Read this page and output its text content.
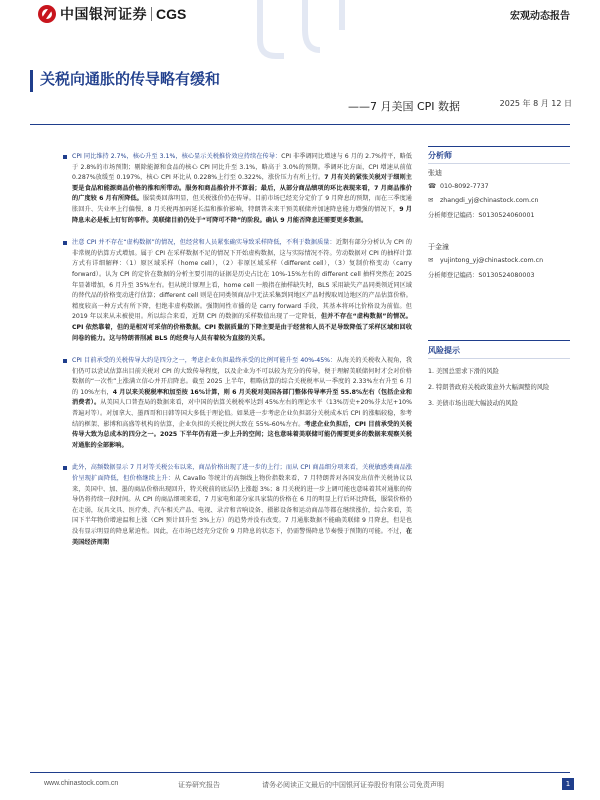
中国银河证券 CGS	宏观动态报告
关税向通胀的传导略有缓和
——7 月美国 CPI 数据	2025 年 8 月 12 日
CPI 同比维持 2.7%，核心升至 3.1%，核心显示关税推价效应持续在传导：CPI 非季调同比增速与 6 月的 2.7%持平，略低于 2.8%的市场预期；剔除能源和食品的核心 CPI 同比升至 3.1%，略高于 3.0%的预期。季调环比方面，CPI 增速从前值 0.287%放缓至 0.197%，核心 CPI 环比从 0.228%上行至 0.322%，涨价压力有所上行。7 月有关的紧张关税对于细则主要是食品和能源商品价格的推和所带动。服务和商品推价并不算弱；最后，从部分商品绩项的环比表现来看，7 月商品推价的广度较 6 月有所降低。服装类回落明显，但关税涨价仍在传导。目前市场已经充分定价了 9 月降息的预期，而在三季度通胀回升、失业率上行偏慢、8 月关税再加码延长温和推价影响，特朗普未来干预美联储并加速降息能力增强的情况下，9 月降息未必是板上钉钉的事件。美联储目前仍处于“可降可不降”的阶段。确认 9 月能否降息还需要更多数据。
注意 CPI 并不存在“虚构数据”的情况，但经营和人员紧张确实导致采样降低，不利于数据质量：近期有部分分析认为 CPI 的非常规的估算方式增加。属于 CPI 在采样数据不足的情况下开始虚构数据，这与实际情况不符。劳动数据对 CPI 的抽样计算方式有详细解释：（1）原区域采样（home cell），（2）非原区域采样（different cell），（3）复制价格变动（carry forward）。认为 CPI 的定价在数据的分析主要引用的证据是历史占比在 10%-15%左右的 different cell 抽样突然在 2025 年显著增加，6 月升至 35%左右。但从统计原理上看，home cell 一般指在抽样缺失时，BLS 采用缺失产品同类领近同区域的替代品的价格变动进行估算；different cell 则是在同类领商品中无法采集到同地区产品时搜取周边地区的产品估算价格。精度较高一种方式有所下降，但绝非虚构数据。强期间性市播的是 carry forward 手段，其基本将环比价格设为前值。但 2019 年以来从未被使用。所以综合来看，近期 CPI 的数据的采样数值出现了一定降低，但并不存在“虚构数据”的情况。CPI 依然靠着，但的是相对可采信的价格数据。CPI 数据质量的下降主要是由于经营和人员不足导致降低了采样区域和回收问卷的能力。这与特朗普削减 BLS 的经费与人员有着较为直接的关系。
CPI 目前承受的关税传导大约是四分之一，考虑企业负担最终承受的比例可能升至 40%-45%：从海关的关税收入视角，我们仍可以尝试估算出目前关税对 CPI 的大致传导程度，以及企业为不可以较为充分的传导，便于理解美联储何时才会对价格数据的“一次性”上涨满立信心并开启降息。截至 2025 上半年，粗略估算的综合关税税率从一季度的 2.33%左右升至 6 月的 10%左右，4 月以来关税税率和加至按 16%计算，则 6 月关税对美国各部门整体传导率升至 55.8%左右（包括企业和消费者）。从美国人口普查局的数据来看，对中国的估算关税税率达到 45%左右的理论水平（13%历史+20%芬太尼+10%普遍对等）。对加拿大、墨西哥和日韩等国大多低于理论值。如果进一步考虑企业负担部分关税成本后 CPI 的涨幅较稳，参考结的框架、影博和高盛等机构的估算，企业负担的关税比例大致在 55%-60%左右。考虑企业负担后，CPI 目前承受的关税传导大致为总成本的四分之一。2025 下半年仍有进一步上升的空间；这也意味着美联储可能仍需要更多的数据来观察关税对通胀的全部影响。
此外，高频数据显示 7 月对等关税公布以来，商品价格出现了进一步的上行；而从 CPI 商品细分项来看，关税敏感类商品涨价呈现扩面降低，但价格继续上升：从 Cavallo 等统计的高频线上物价指数来看，7 月特朗普对各国发出信件关税协议以来，美国中、加、墨的商品价格出现回升，特关税前的底层仍上涨超 3%；8 月关税的进一步上调可能也意味着其对通胀的传导仍将持续一段时间。从 CPI 的商品细项来看，7 月家电和部分家具家装的价格在 6 月的明显上行后环比降低，服装价格仍在走弱，玩具文具、医疗类、汽车相关产品、电视、录音和音响设备、摄影设备和运动商品等都在继续涨价，综合来看，美国下半年物价增速温和上涨（CPI 预计回升至 3%上方）的趋势并没有改变。7 月通胀数据不能确美联储 9 月降息，但是也没有显示明显的降息紧迫性。因此，在市场已经充分定价 9 月降息的状态下，仍需警惕降息节奏慢于预期的可能。不过，在美国经济周期
分析师
张迪
☎ 010-8092-7737
✉	zhangdi_yj@chinastock.com.cn
分析师登记编码：S0130524060001
于金潼
✉	yujintong_yj@chinastock.com.cn
分析师登记编码：S0130524080003
风险提示
1. 美国总需求下滑的风险
2. 特朗普政府关税政策意外大幅调整的风险
3. 美债市场出现大幅波动的风险
www.chinastock.com.cn	证券研究报告	请务必阅读正文最后的中国银河证券股份有限公司免责声明	1
